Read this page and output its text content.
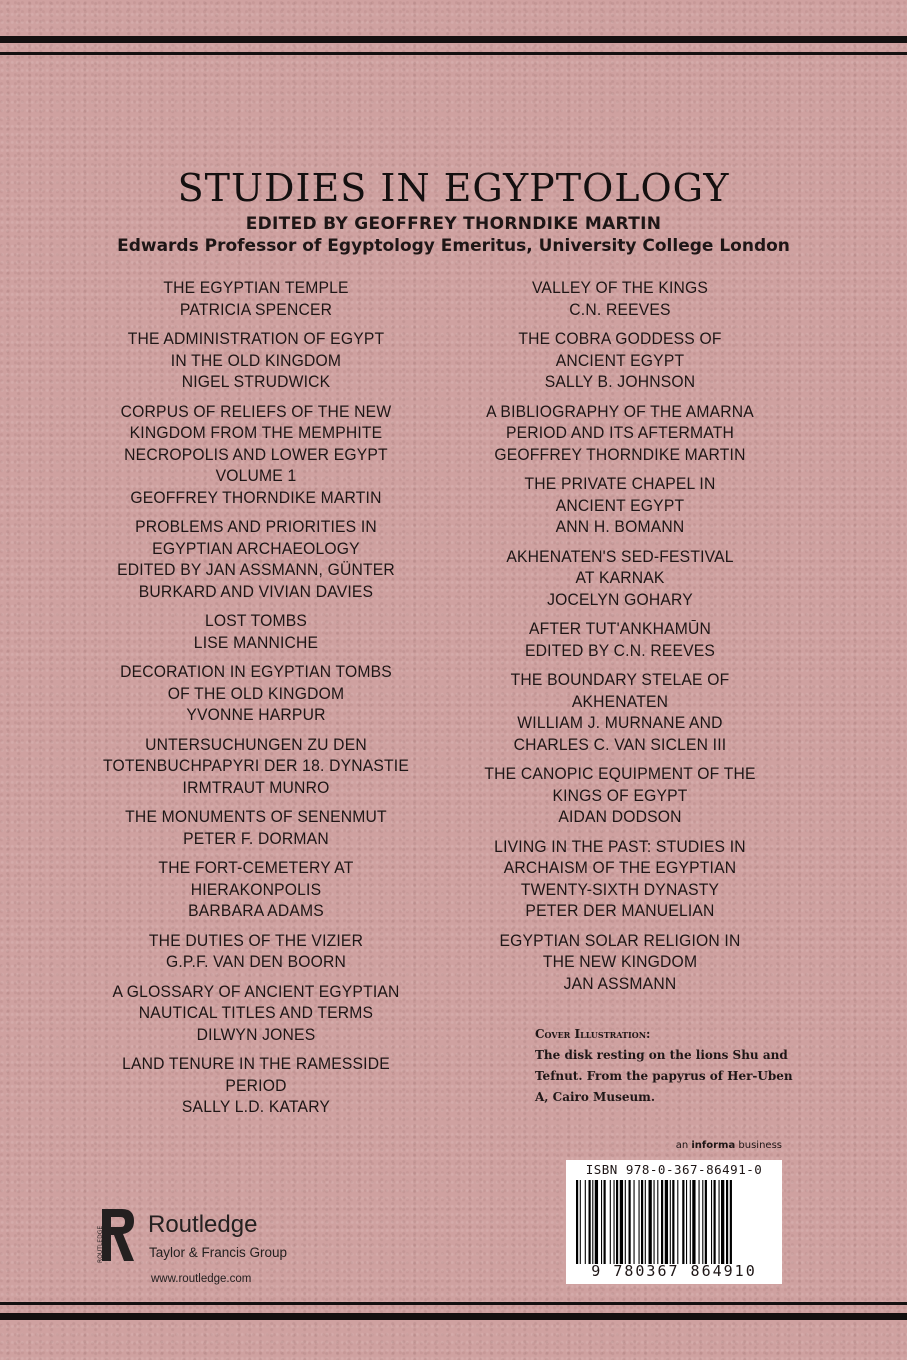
STUDIES IN EGYPTOLOGY
EDITED BY GEOFFREY THORNDIKE MARTIN
Edwards Professor of Egyptology Emeritus, University College London
THE EGYPTIAN TEMPLE
PATRICIA SPENCER
THE ADMINISTRATION OF EGYPT
IN THE OLD KINGDOM
NIGEL STRUDWICK
CORPUS OF RELIEFS OF THE NEW
KINGDOM FROM THE MEMPHITE
NECROPOLIS AND LOWER EGYPT
VOLUME 1
GEOFFREY THORNDIKE MARTIN
PROBLEMS AND PRIORITIES IN
EGYPTIAN ARCHAEOLOGY
EDITED BY JAN ASSMANN, GÜNTER
BURKARD AND VIVIAN DAVIES
LOST TOMBS
LISE MANNICHE
DECORATION IN EGYPTIAN TOMBS
OF THE OLD KINGDOM
YVONNE HARPUR
UNTERSUCHUNGEN ZU DEN
TOTENBUCHPAPYRI DER 18. DYNASTIE
IRMTRAUT MUNRO
THE MONUMENTS OF SENENMUT
PETER F. DORMAN
THE FORT-CEMETERY AT
HIERAKONPOLIS
BARBARA ADAMS
THE DUTIES OF THE VIZIER
G.P.F. VAN DEN BOORN
A GLOSSARY OF ANCIENT EGYPTIAN
NAUTICAL TITLES AND TERMS
DILWYN JONES
LAND TENURE IN THE RAMESSIDE
PERIOD
SALLY L.D. KATARY
VALLEY OF THE KINGS
C.N. REEVES
THE COBRA GODDESS OF
ANCIENT EGYPT
SALLY B. JOHNSON
A BIBLIOGRAPHY OF THE AMARNA
PERIOD AND ITS AFTERMATH
GEOFFREY THORNDIKE MARTIN
THE PRIVATE CHAPEL IN
ANCIENT EGYPT
ANN H. BOMANN
AKHENATEN'S SED-FESTIVAL
AT KARNAK
JOCELYN GOHARY
AFTER TUT'ANKHAMŪN
EDITED BY C.N. REEVES
THE BOUNDARY STELAE OF
AKHENATEN
WILLIAM J. MURNANE AND
CHARLES C. VAN SICLEN III
THE CANOPIC EQUIPMENT OF THE
KINGS OF EGYPT
AIDAN DODSON
LIVING IN THE PAST: STUDIES IN
ARCHAISM OF THE EGYPTIAN
TWENTY-SIXTH DYNASTY
PETER DER MANUELIAN
EGYPTIAN SOLAR RELIGION IN
THE NEW KINGDOM
JAN ASSMANN
Cover Illustration:
The disk resting on the lions Shu and Tefnut. From the papyrus of Her-Uben A, Cairo Museum.
an informa business
ISBN 978-0-367-86491-0
9 780367 864910
ROUTLEDGE
Routledge
Taylor & Francis Group
www.routledge.com
